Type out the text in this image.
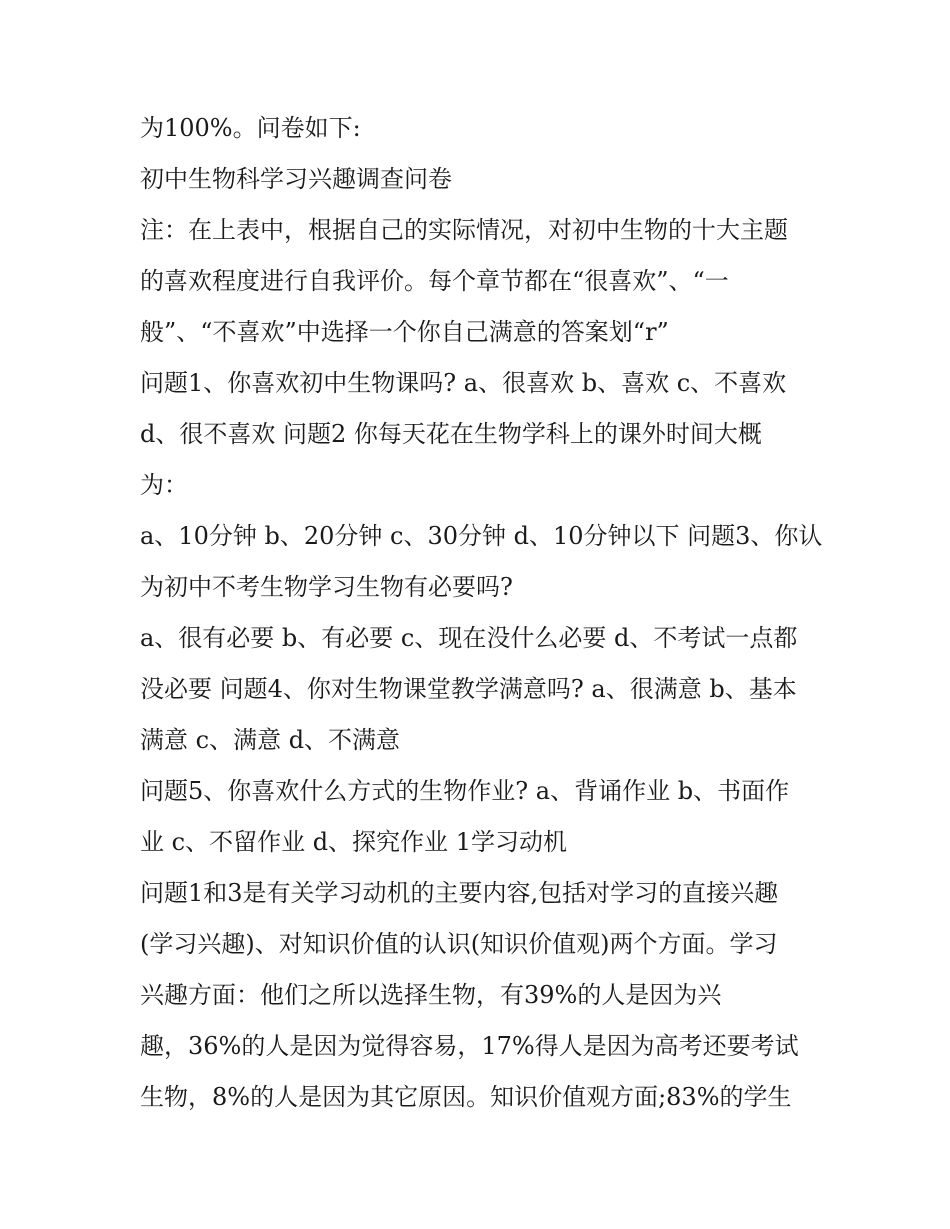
为100%。问卷如下:
初中生物科学习兴趣调查问卷
注：在上表中，根据自己的实际情况，对初中生物的十大主题
的喜欢程度进行自我评价。每个章节都在“很喜欢”、“一
般”、“不喜欢”中选择一个你自己满意的答案划“r”
问题1、你喜欢初中生物课吗? a、很喜欢 b、喜欢 c、不喜欢
d、很不喜欢 问题2 你每天花在生物学科上的课外时间大概
为：
a、10分钟 b、20分钟 c、30分钟 d、10分钟以下 问题3、你认
为初中不考生物学习生物有必要吗?
a、很有必要 b、有必要 c、现在没什么必要 d、不考试一点都
没必要 问题4、你对生物课堂教学满意吗? a、很满意 b、基本
满意 c、满意 d、不满意
问题5、你喜欢什么方式的生物作业? a、背诵作业 b、书面作
业 c、不留作业 d、探究作业 1学习动机
问题1和3是有关学习动机的主要内容,包括对学习的直接兴趣
(学习兴趣)、对知识价值的认识(知识价值观)两个方面。学习
兴趣方面：他们之所以选择生物，有39%的人是因为兴
趣，36%的人是因为觉得容易，17%得人是因为高考还要考试
生物，8%的人是因为其它原因。知识价值观方面;83%的学生
